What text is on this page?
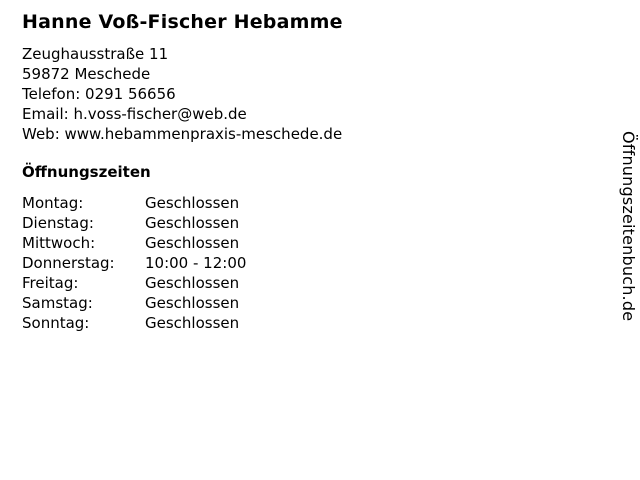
Hanne Voß-Fischer Hebamme
Zeughausstraße 11
59872 Meschede
Telefon: 0291 56656
Email: h.voss-fischer@web.de
Web: www.hebammenpraxis-meschede.de
Öffnungszeiten
Montag:	Geschlossen
Dienstag:	Geschlossen
Mittwoch:	Geschlossen
Donnerstag:	10:00 - 12:00
Freitag:	Geschlossen
Samstag:	Geschlossen
Sonntag:	Geschlossen
Öffnungszeitenbuch.de
